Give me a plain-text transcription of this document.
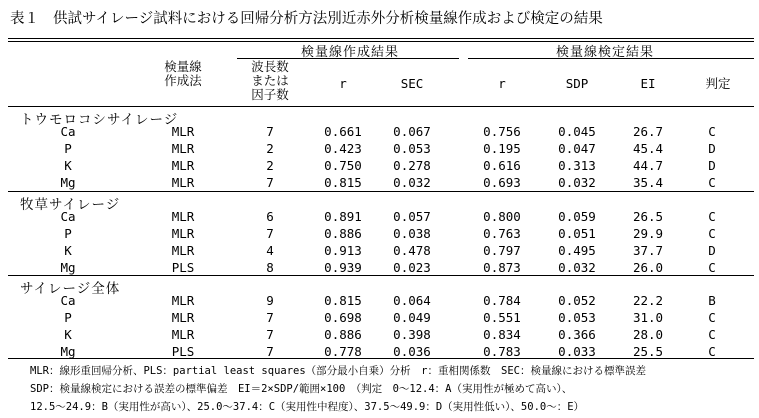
表１ 供試サイレージ試料における回帰分析方法別近赤外分析検量線作成および検定の結果
検量線作成結果	検量線検定結果
検量線
作成法
波長数
または
因子数
r	SEC	r	SDP	EI	判定
トウモロコシサイレージ
Ca	MLR	7	0.661	0.067	0.756	0.045	26.7	C
P	MLR	2	0.423	0.053	0.195	0.047	45.4	D
K	MLR	2	0.750	0.278	0.616	0.313	44.7	D
Mg	MLR	7	0.815	0.032	0.693	0.032	35.4	C
牧草サイレージ
Ca	MLR	6	0.891	0.057	0.800	0.059	26.5	C
P	MLR	7	0.886	0.038	0.763	0.051	29.9	C
K	MLR	4	0.913	0.478	0.797	0.495	37.7	D
Mg	PLS	8	0.939	0.023	0.873	0.032	26.0	C
サイレージ全体
Ca	MLR	9	0.815	0.064	0.784	0.052	22.2	B
P	MLR	7	0.698	0.049	0.551	0.053	31.0	C
K	MLR	7	0.886	0.398	0.834	0.366	28.0	C
Mg	PLS	7	0.778	0.036	0.783	0.033	25.5	C
MLR：線形重回帰分析、PLS：partial least squares（部分最小自乗）分析　r：重相関係数　SEC：検量線における標準誤差
SDP：検量線検定における誤差の標準偏差　EI＝2×SDP/範囲×100　（判定　0～12.4：A（実用性が極めて高い）、
12.5～24.9：B（実用性が高い）、25.0～37.4：C（実用性中程度）、37.5～49.9：D（実用性低い）、50.0～：E）
